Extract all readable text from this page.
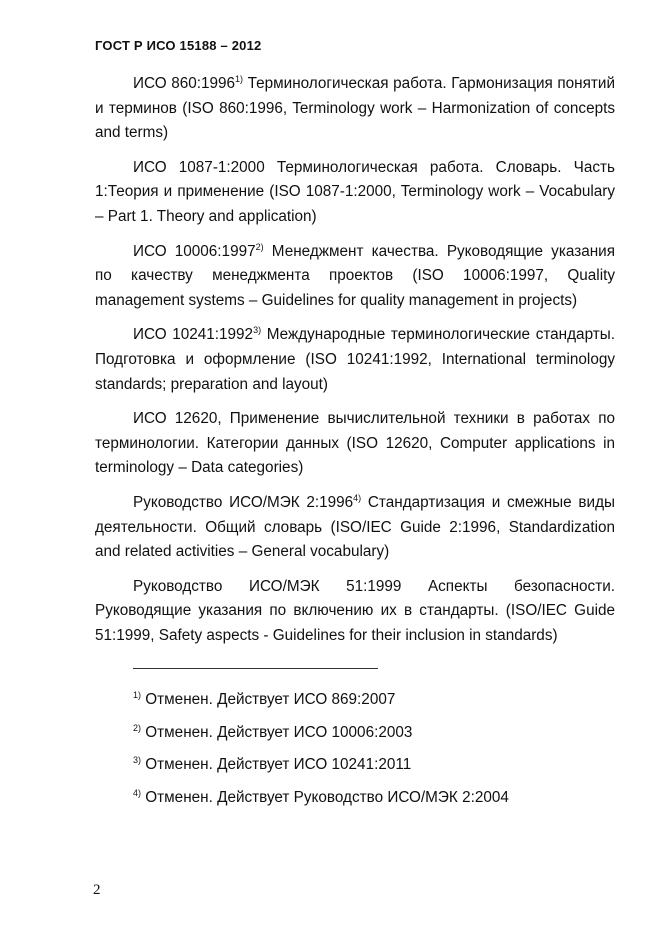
ГОСТ Р ИСО 15188 – 2012

ИСО 860:1996$^{1)}$ Терминологическая работа. Гармонизация понятий и терминов (ISO 860:1996, Terminology work – Harmonization of concepts and terms)

ИСО 1087-1:2000 Терминологическая работа. Словарь. Часть 1:Теория и применение (ISO 1087-1:2000, Terminology work – Vocabulary – Part 1. Theory and application)

ИСО 10006:1997$^{2)}$ Менеджмент качества. Руководящие указания по качеству менеджмента проектов (ISO 10006:1997, Quality management systems – Guidelines for quality management in projects)

ИСО 10241:1992$^{3)}$ Международные терминологические стандарты. Подготовка и оформление (ISO 10241:1992, International terminology standards; preparation and layout)

ИСО 12620, Применение вычислительной техники в работах по терминологии. Категории данных (ISO 12620, Computer applications in terminology – Data categories)

Руководство ИСО/МЭК 2:1996$^{4)}$ Стандартизация и смежные виды деятельности. Общий словарь (ISO/IEC Guide 2:1996, Standardization and related activities – General vocabulary)

Руководство ИСО/МЭК 51:1999 Аспекты безопасности. Руководящие указания по включению их в стандарты. (ISO/IEC Guide 51:1999, Safety aspects - Guidelines for their inclusion in standards)

$^{1)}$ Отменен. Действует ИСО 869:2007
$^{2)}$ Отменен. Действует ИСО 10006:2003
$^{3)}$ Отменен. Действует ИСО 10241:2011
$^{4)}$ Отменен. Действует Руководство ИСО/МЭК 2:2004
2
